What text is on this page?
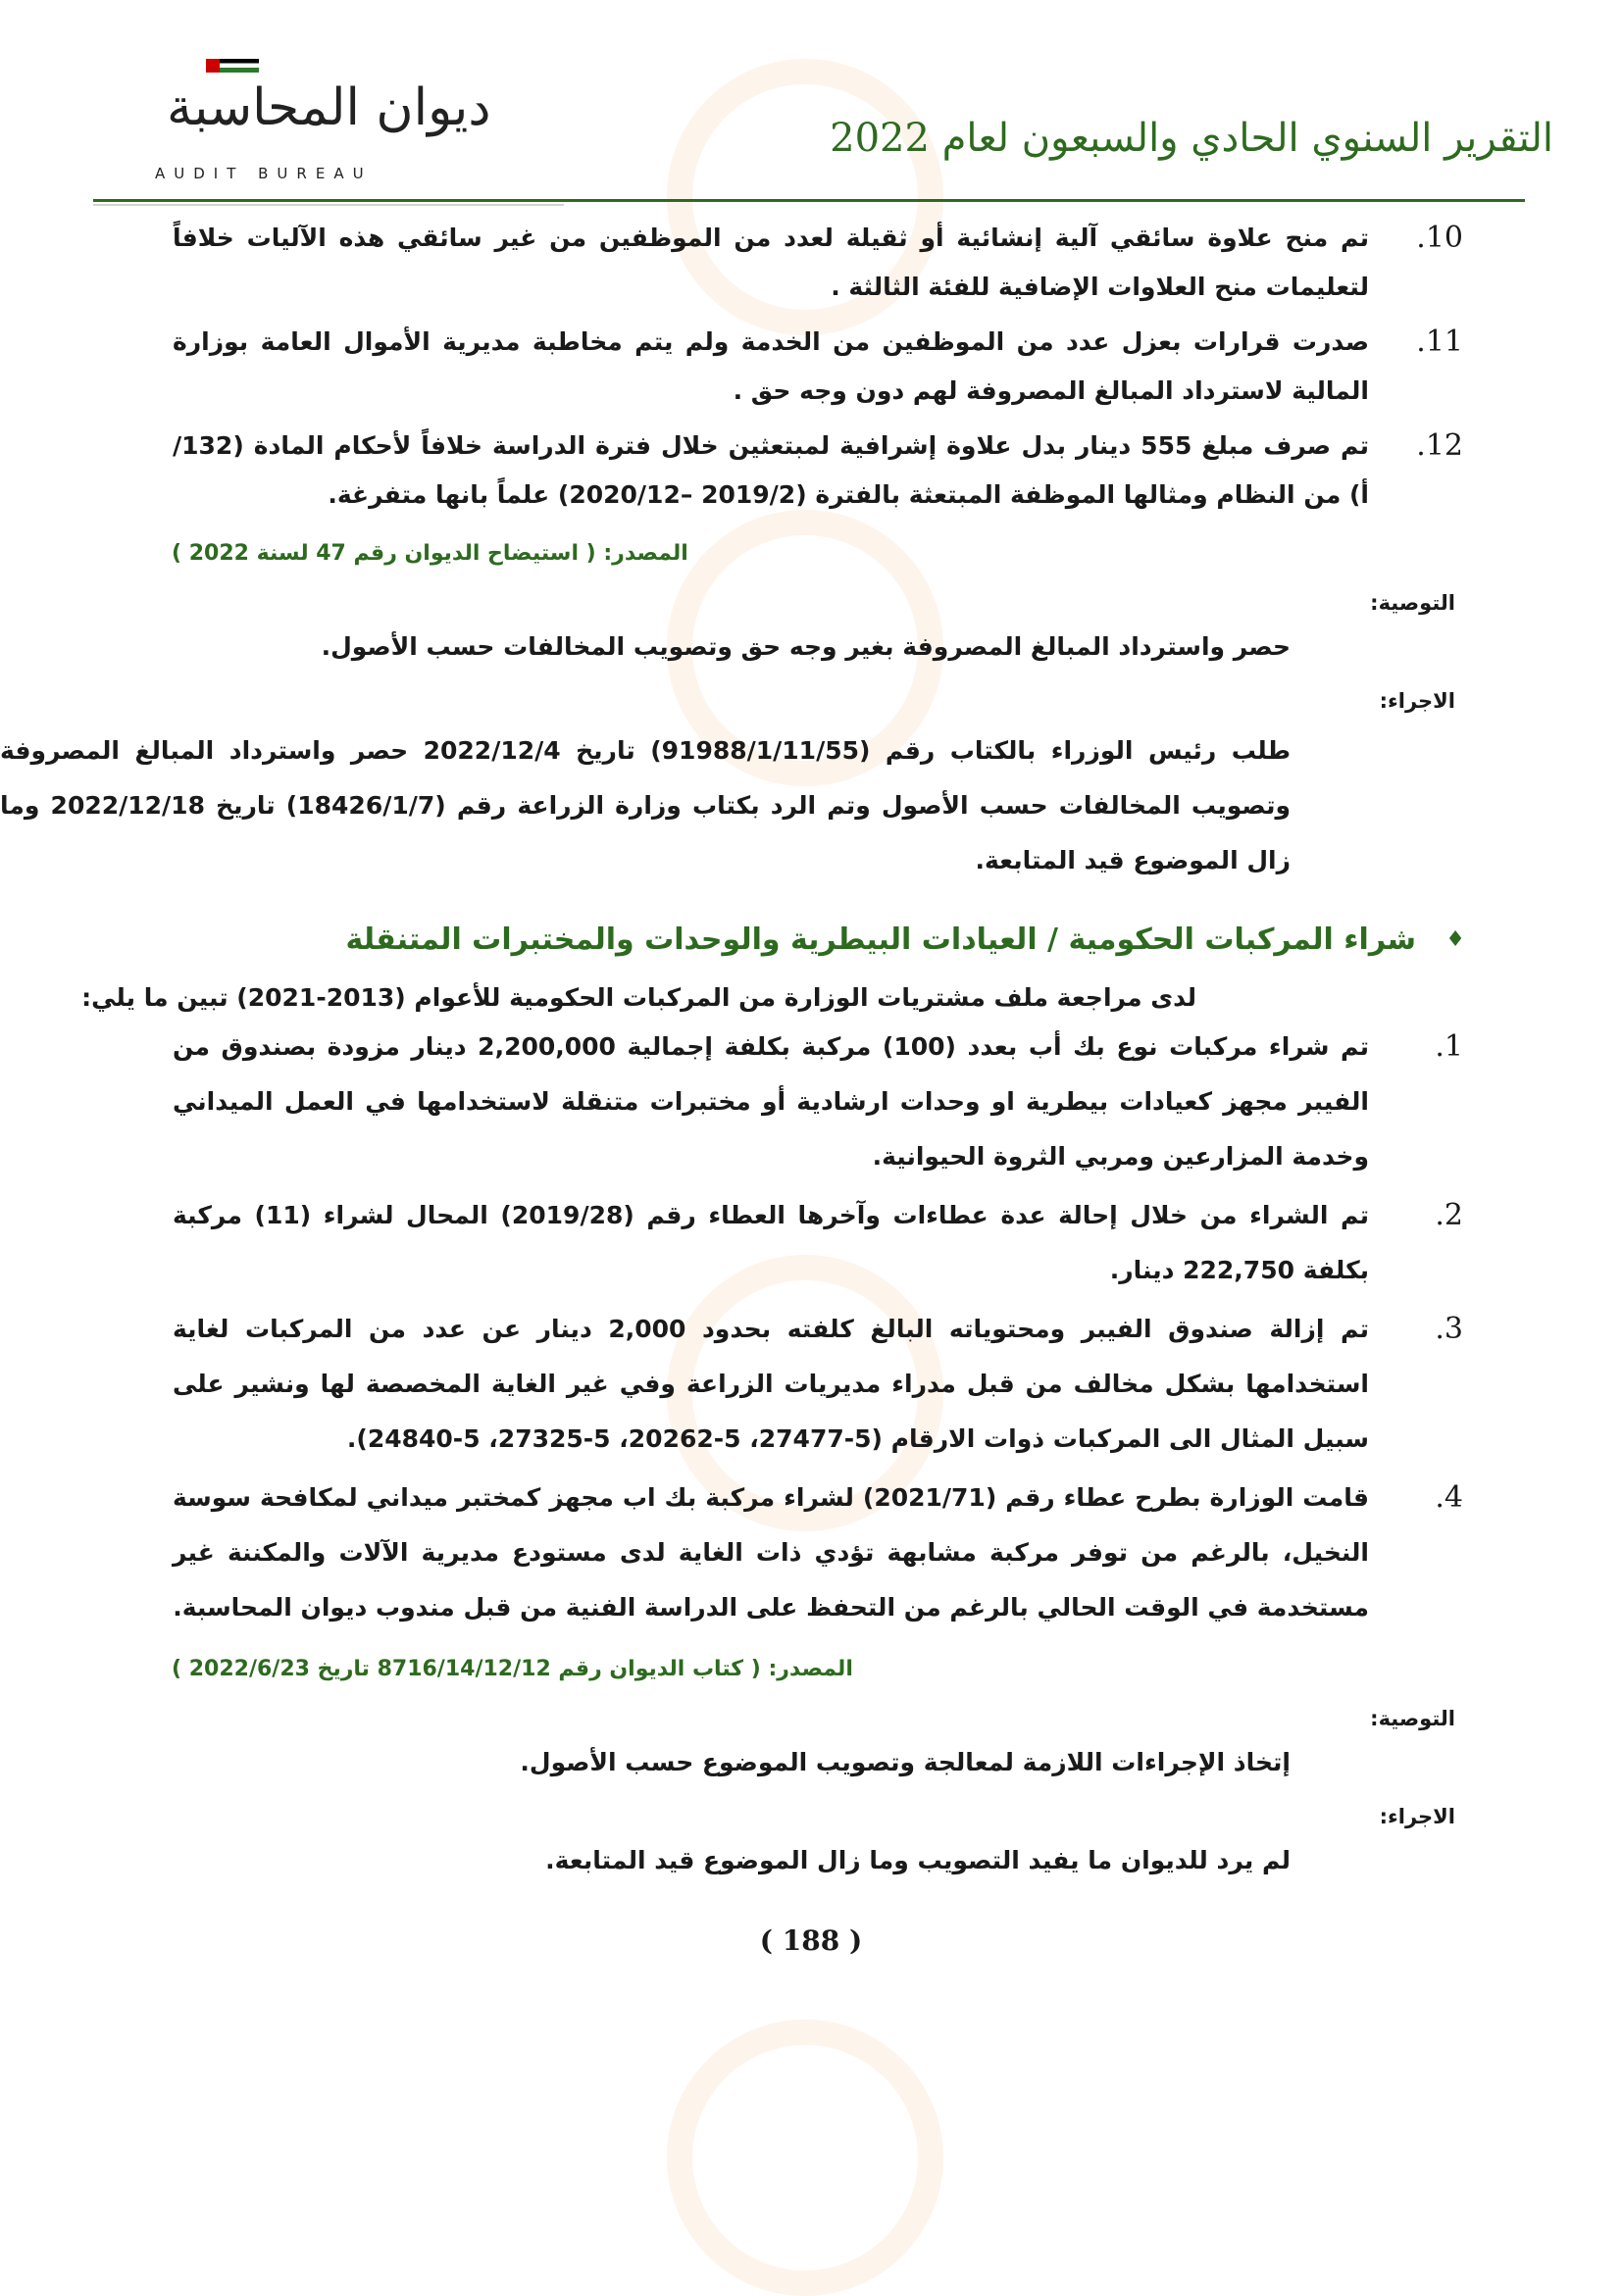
التقرير السنوي الحادي والسبعون لعام 2022
ديوان المحاسبة
AUDIT BUREAU
.10
تم منح علاوة سائقي آلية إنشائية أو ثقيلة لعدد من الموظفين من غير سائقي هذه الآليات خلافاً لتعليمات منح العلاوات الإضافية للفئة الثالثة .
.11
صدرت قرارات بعزل عدد من الموظفين من الخدمة ولم يتم مخاطبة مديرية الأموال العامة بوزارة المالية لاسترداد المبالغ المصروفة لهم دون وجه حق .
.12
تم صرف مبلغ 555 دينار بدل علاوة إشرافية لمبتعثين خلال فترة الدراسة خلافاً لأحكام المادة (132/أ) من النظام ومثالها الموظفة المبتعثة بالفترة (2019/2 –2020/12) علماً بانها متفرغة.
المصدر: ( استيضاح الديوان رقم 47 لسنة 2022 )
التوصية:
حصر واسترداد المبالغ المصروفة بغير وجه حق وتصويب المخالفات حسب الأصول.
الاجراء:
طلب رئيس الوزراء بالكتاب رقم (91988/1/11/55) تاريخ 2022/12/4 حصر واسترداد المبالغ المصروفة وتصويب المخالفات حسب الأصول وتم الرد بكتاب وزارة الزراعة رقم (18426/1/7) تاريخ 2022/12/18 وما زال الموضوع قيد المتابعة.
♦
شراء المركبات الحكومية / العيادات البيطرية والوحدات والمختبرات المتنقلة
لدى مراجعة ملف مشتريات الوزارة من المركبات الحكومية للأعوام (2013-2021) تبين ما يلي:
.1
تم شراء مركبات نوع بك أب بعدد (100) مركبة بكلفة إجمالية 2,200,000 دينار مزودة بصندوق من الفيبر مجهز كعيادات بيطرية او وحدات ارشادية أو مختبرات متنقلة لاستخدامها في العمل الميداني وخدمة المزارعين ومربي الثروة الحيوانية.
.2
تم الشراء من خلال إحالة عدة عطاءات وآخرها العطاء رقم (2019/28) المحال لشراء (11) مركبة بكلفة 222,750 دينار.
.3
تم إزالة صندوق الفيبر ومحتوياته البالغ كلفته بحدود 2,000 دينار عن عدد من المركبات لغاية استخدامها بشكل مخالف من قبل مدراء مديريات الزراعة وفي غير الغاية المخصصة لها ونشير على سبيل المثال الى المركبات ذوات الارقام (5-27477، 5-20262، 5-27325، 5-24840).
.4
قامت الوزارة بطرح عطاء رقم (2021/71) لشراء مركبة بك اب مجهز كمختبر ميداني لمكافحة سوسة النخيل، بالرغم من توفر مركبة مشابهة تؤدي ذات الغاية لدى مستودع مديرية الآلات والمكننة غير مستخدمة في الوقت الحالي بالرغم من التحفظ على الدراسة الفنية من قبل مندوب ديوان المحاسبة.
المصدر: ( كتاب الديوان رقم 8716/14/12/12 تاريخ 2022/6/23 )
التوصية:
إتخاذ الإجراءات اللازمة لمعالجة وتصويب الموضوع حسب الأصول.
الاجراء:
لم يرد للديوان ما يفيد التصويب وما زال الموضوع قيد المتابعة.
( 188 )
